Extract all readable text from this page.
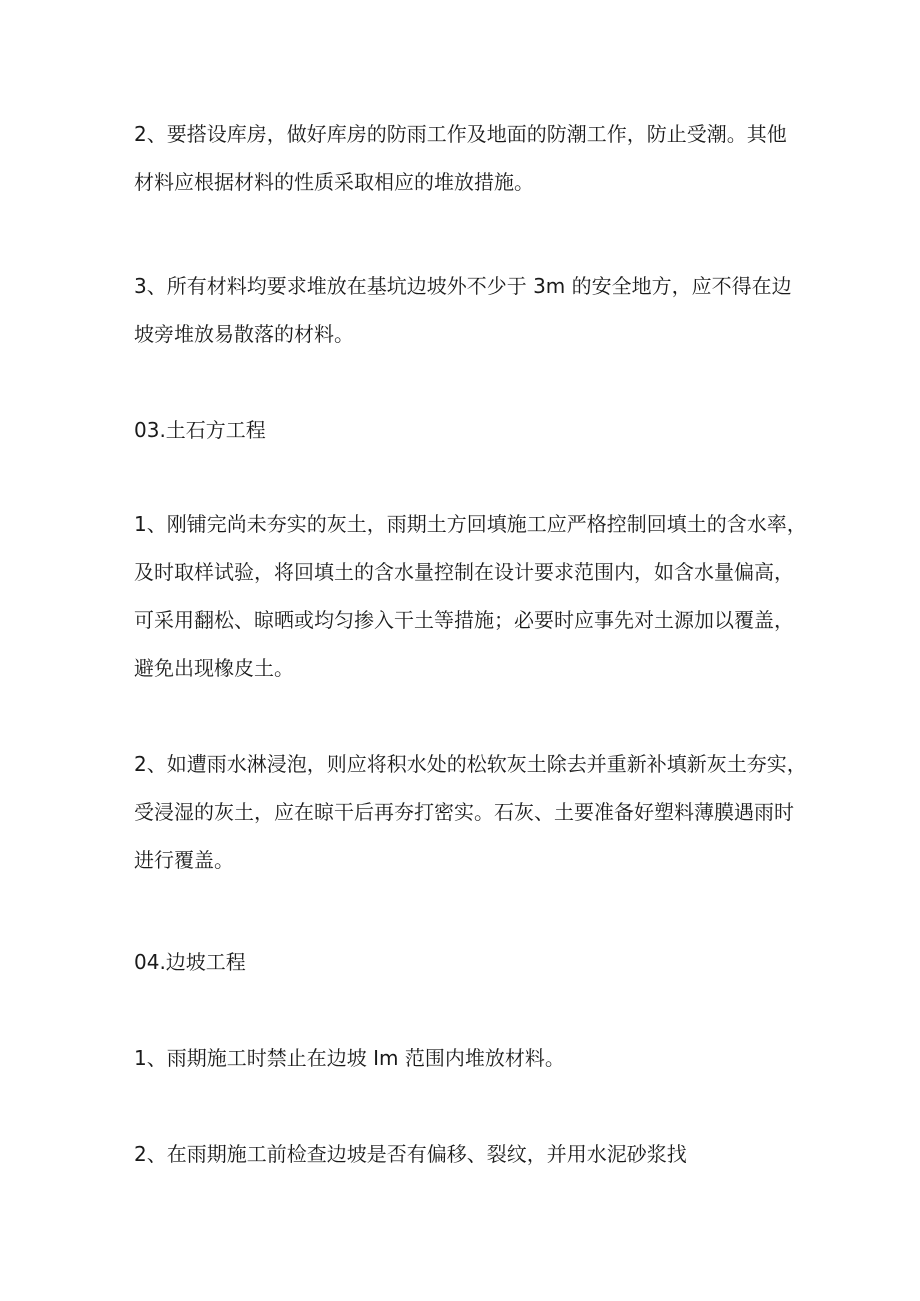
2、要搭设库房，做好库房的防雨工作及地面的防潮工作，防止受潮。其他
材料应根据材料的性质采取相应的堆放措施。

3、所有材料均要求堆放在基坑边坡外不少于 3m 的安全地方，应不得在边
坡旁堆放易散落的材料。

03.土石方工程

1、刚铺完尚未夯实的灰土，雨期土方回填施工应严格控制回填土的含水率，
及时取样试验，将回填土的含水量控制在设计要求范围内，如含水量偏高，
可采用翻松、晾晒或均匀掺入干土等措施；必要时应事先对土源加以覆盖，
避免出现橡皮土。

2、如遭雨水淋浸泡，则应将积水处的松软灰土除去并重新补填新灰土夯实，
受浸湿的灰土，应在晾干后再夯打密实。石灰、土要准备好塑料薄膜遇雨时
进行覆盖。

04.边坡工程

1、雨期施工时禁止在边坡 Im 范围内堆放材料。

2、在雨期施工前检查边坡是否有偏移、裂纹，并用水泥砂浆找
